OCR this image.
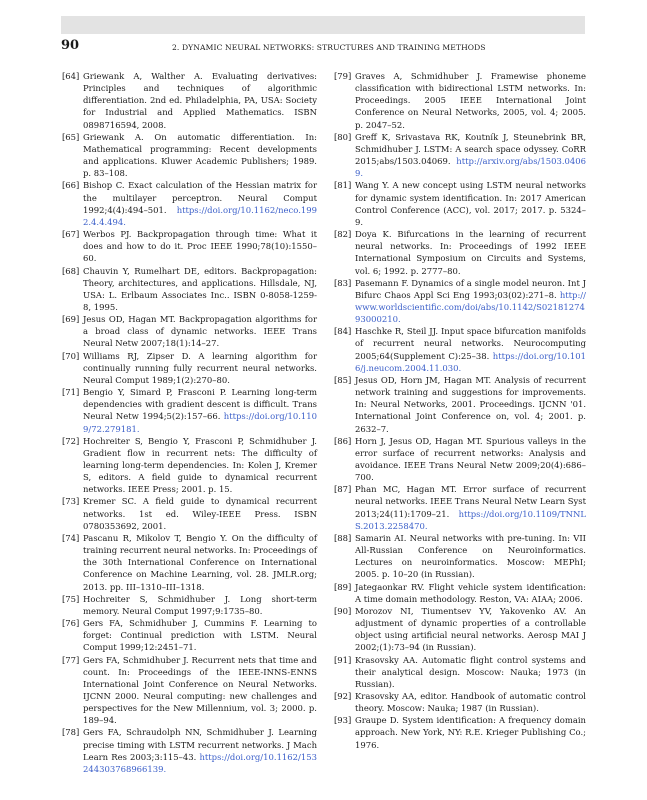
90	2. DYNAMIC NEURAL NETWORKS: STRUCTURES AND TRAINING METHODS

[64] Griewank A, Walther A. Evaluating derivatives: Principles and techniques of algorithmic differentiation. 2nd ed. Philadelphia, PA, USA: Society for Industrial and Applied Mathematics. ISBN 0898716594, 2008.

[65] Griewank A. On automatic differentiation. In: Mathematical programming: Recent developments and applications. Kluwer Academic Publishers; 1989. p. 83–108.

[66] Bishop C. Exact calculation of the Hessian matrix for the multilayer perceptron. Neural Comput 1992;4(4):494–501. https://doi.org/10.1162/neco.1992.4.4.494.

[67] Werbos PJ. Backpropagation through time: What it does and how to do it. Proc IEEE 1990;78(10):1550–60.

[68] Chauvin Y, Rumelhart DE, editors. Backpropagation: Theory, architectures, and applications. Hillsdale, NJ, USA: L. Erlbaum Associates Inc.. ISBN 0-8058-1259-8, 1995.

[69] Jesus OD, Hagan MT. Backpropagation algorithms for a broad class of dynamic networks. IEEE Trans Neural Netw 2007;18(1):14–27.

[70] Williams RJ, Zipser D. A learning algorithm for continually running fully recurrent neural networks. Neural Comput 1989;1(2):270–80.

[71] Bengio Y, Simard P, Frasconi P. Learning long-term dependencies with gradient descent is difficult. Trans Neural Netw 1994;5(2):157–66. https://doi.org/10.1109/72.279181.

[72] Hochreiter S, Bengio Y, Frasconi P, Schmidhuber J. Gradient flow in recurrent nets: The difficulty of learning long-term dependencies. In: Kolen J, Kremer S, editors. A field guide to dynamical recurrent networks. IEEE Press; 2001. p. 15.

[73] Kremer SC. A field guide to dynamical recurrent networks. 1st ed. Wiley-IEEE Press. ISBN 0780353692, 2001.

[74] Pascanu R, Mikolov T, Bengio Y. On the difficulty of training recurrent neural networks. In: Proceedings of the 30th International Conference on International Conference on Machine Learning, vol. 28. JMLR.org; 2013. pp. III–1310–III–1318.

[75] Hochreiter S, Schmidhuber J. Long short-term memory. Neural Comput 1997;9:1735–80.

[76] Gers FA, Schmidhuber J, Cummins F. Learning to forget: Continual prediction with LSTM. Neural Comput 1999;12:2451–71.

[77] Gers FA, Schmidhuber J. Recurrent nets that time and count. In: Proceedings of the IEEE-INNS-ENNS International Joint Conference on Neural Networks. IJCNN 2000. Neural computing: new challenges and perspectives for the New Millennium, vol. 3; 2000. p. 189–94.

[78] Gers FA, Schraudolph NN, Schmidhuber J. Learning precise timing with LSTM recurrent networks. J Mach Learn Res 2003;3:115–43. https://doi.org/10.1162/153244303768966139.

[79] Graves A, Schmidhuber J. Framewise phoneme classification with bidirectional LSTM networks. In: Proceedings. 2005 IEEE International Joint Conference on Neural Networks, 2005, vol. 4; 2005. p. 2047–52.

[80] Greff K, Srivastava RK, Koutník J, Steunebrink BR, Schmidhuber J. LSTM: A search space odyssey. CoRR 2015;abs/1503.04069. http://arxiv.org/abs/1503.04069.

[81] Wang Y. A new concept using LSTM neural networks for dynamic system identification. In: 2017 American Control Conference (ACC), vol. 2017; 2017. p. 5324–9.

[82] Doya K. Bifurcations in the learning of recurrent neural networks. In: Proceedings of 1992 IEEE International Symposium on Circuits and Systems, vol. 6; 1992. p. 2777–80.

[83] Pasemann F. Dynamics of a single model neuron. Int J Bifurc Chaos Appl Sci Eng 1993;03(02):271–8. http://www.worldscientific.com/doi/abs/10.1142/S0218127493000210.

[84] Haschke R, Steil JJ. Input space bifurcation manifolds of recurrent neural networks. Neurocomputing 2005;64(Supplement C):25–38. https://doi.org/10.1016/j.neucom.2004.11.030.

[85] Jesus OD, Horn JM, Hagan MT. Analysis of recurrent network training and suggestions for improvements. In: Neural Networks, 2001. Proceedings. IJCNN '01. International Joint Conference on, vol. 4; 2001. p. 2632–7.

[86] Horn J, Jesus OD, Hagan MT. Spurious valleys in the error surface of recurrent networks: Analysis and avoidance. IEEE Trans Neural Netw 2009;20(4):686–700.

[87] Phan MC, Hagan MT. Error surface of recurrent neural networks. IEEE Trans Neural Netw Learn Syst 2013;24(11):1709–21. https://doi.org/10.1109/TNNLS.2013.2258470.

[88] Samarin AI. Neural networks with pre-tuning. In: VII All-Russian Conference on Neuroinformatics. Lectures on neuroinformatics. Moscow: MEPhI; 2005. p. 10–20 (in Russian).

[89] Jategaonkar RV. Flight vehicle system identification: A time domain methodology. Reston, VA: AIAA; 2006.

[90] Morozov NI, Tiumentsev YV, Yakovenko AV. An adjustment of dynamic properties of a controllable object using artificial neural networks. Aerosp MAI J 2002;(1):73–94 (in Russian).

[91] Krasovsky AA. Automatic flight control systems and their analytical design. Moscow: Nauka; 1973 (in Russian).

[92] Krasovsky AA, editor. Handbook of automatic control theory. Moscow: Nauka; 1987 (in Russian).

[93] Graupe D. System identification: A frequency domain approach. New York, NY: R.E. Krieger Publishing Co.; 1976.
